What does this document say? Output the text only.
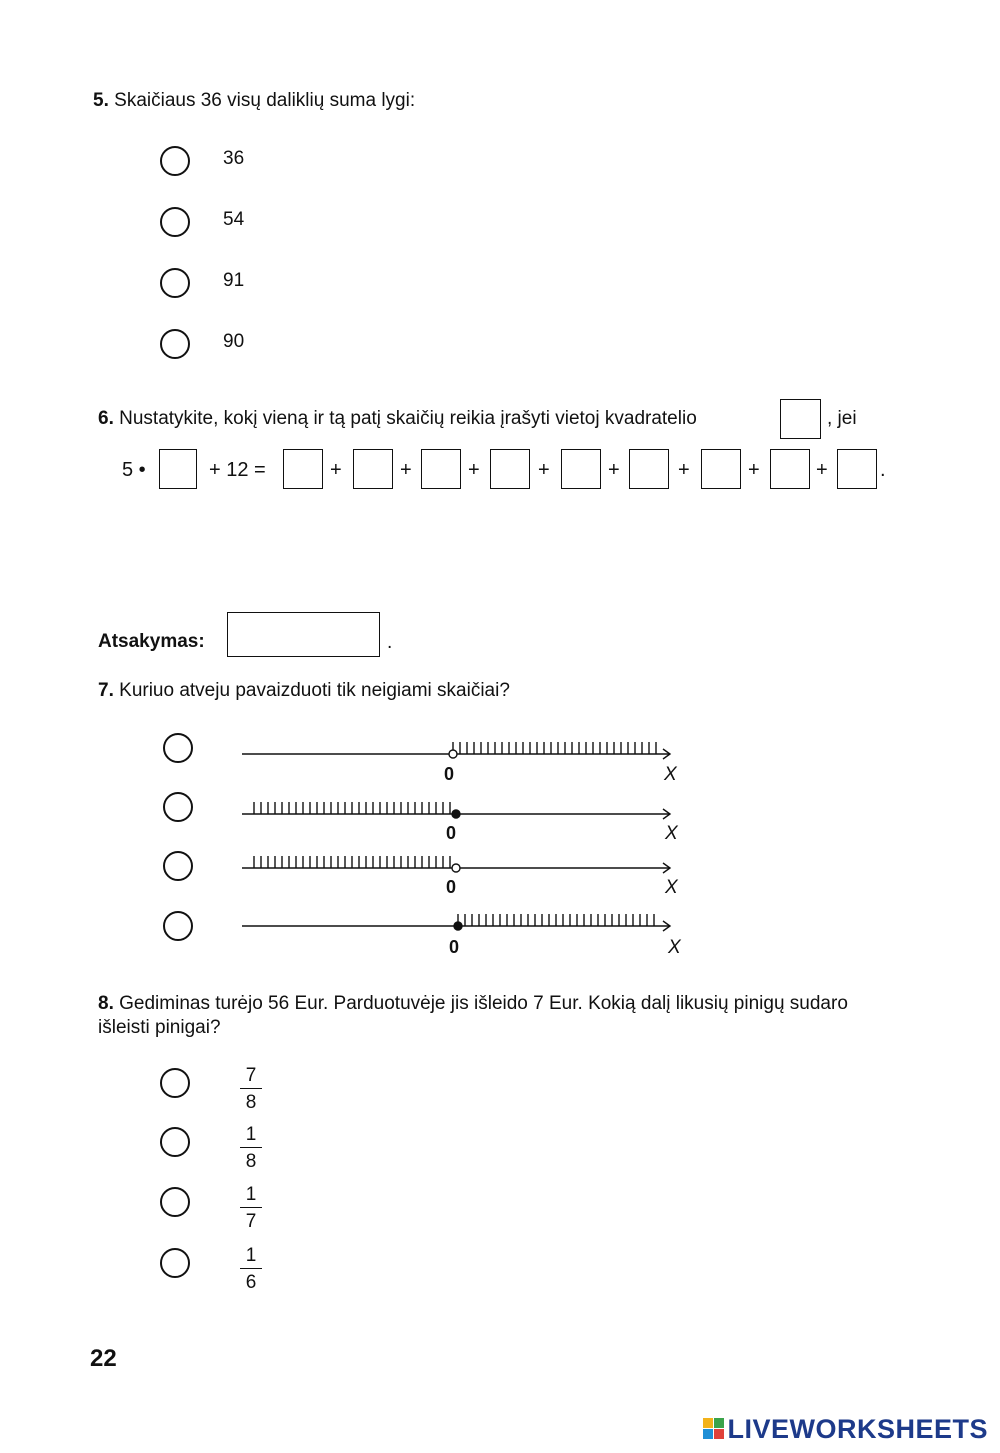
5. Skaičiaus 36 visų daliklių suma lygi:
36
54
91
90
6. Nustatykite, kokį vieną ir tą patį skaičių reikia įrašyti vietoj kvadratelio	, jei
5 •	+ 12 =	+	+	+	+	+	+	+	+	.
Atsakymas:	.
7. Kuriuo atveju pavaizduoti tik neigiami skaičiai?
0	X
0	X
0	X
0	X
8. Gediminas turėjo 56 Eur. Parduotuvėje jis išleido 7 Eur. Kokią dalį likusių pinigų sudaro
išleisti pinigai?
7
8
1
8
1
7
1
6
22
LIVEWORKSHEETS
